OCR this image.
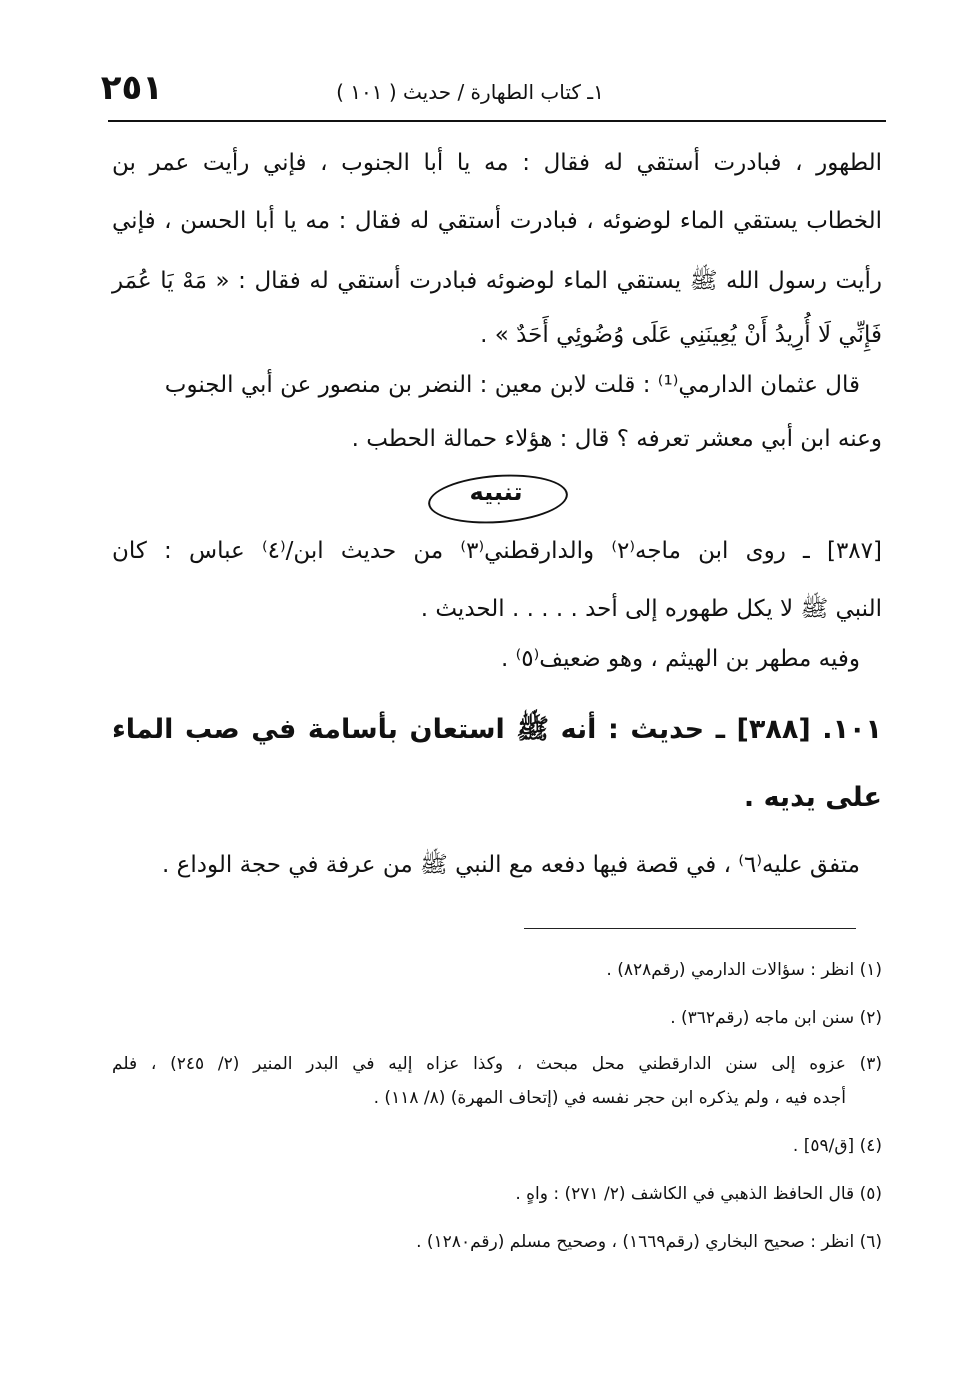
٢٥١	١ـ كتاب الطهارة / حديث ( ١٠١ )
الطهور ، فبادرت أستقي له فقال : مه يا أبا الجنوب ، فإني رأيت عمر بن
الخطاب يستقي الماء لوضوئه ، فبادرت أستقي له فقال : مه يا أبا الحسن ، فإني
رأيت رسول الله ﷺ يستقي الماء لوضوئه فبادرت أستقي له فقال : « مَهْ يَا عُمَر
فَإِنِّي لَا أُرِيدُ أَنْ يُعِينَنِي عَلَى وُضُوئِي أَحَدٌ » .
قال عثمان الدارمي⁽¹⁾ : قلت لابن معين : النضر بن منصور عن أبي الجنوب
وعنه ابن أبي معشر تعرفه ؟ قال : هؤلاء حمالة الحطب .
تنبيه
[٣٨٧] ـ روى ابن ماجه⁽٢⁾ والدارقطني⁽٣⁾ من حديث ابن/⁽٤⁾ عباس : كان
النبي ﷺ لا يكل طهوره إلى أحد . . . . . الحديث .
وفيه مطهر بن الهيثم ، وهو ضعيف⁽٥⁾ .
١٠١. [٣٨٨] ـ حديث : أنه ﷺ استعان بأسامة في صب الماء
على يديه .
متفق عليه⁽٦⁾ ، في قصة فيها دفعه مع النبي ﷺ من عرفة في حجة الوداع .
(١) انظر : سؤالات الدارمي (رقم٨٢٨) .
(٢) سنن ابن ماجه (رقم٣٦٢) .
(٣) عزوه إلى سنن الدارقطني محل مبحث ، وكذا عزاه إليه في البدر المنير (٢/ ٢٤٥) ، فلم
أجده فيه ، ولم يذكره ابن حجر نفسه في (إتحاف المهرة) (٨/ ١١٨) .
(٤) [ق/٥٩] .
(٥) قال الحافظ الذهبي في الكاشف (٢/ ٢٧١) : واهٍ .
(٦) انظر : صحيح البخاري (رقم١٦٦٩) ، وصحيح مسلم (رقم١٢٨٠) .
